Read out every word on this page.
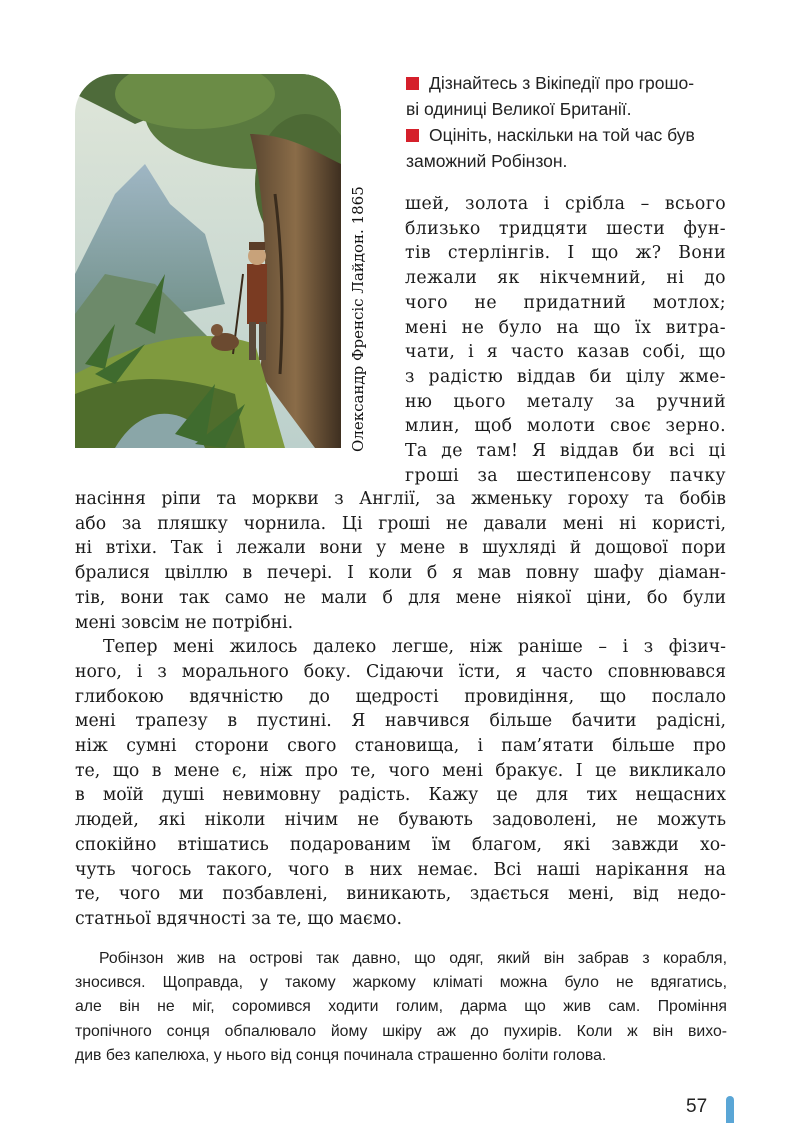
Олександр Френсіс Лайдон. 1865

Дізнайтесь з Вікіпедії про грошо-
ві одиниці Великої Британії.

Оцініть, наскільки на той час був
заможний Робінзон.

шей, золота і срібла – всього
близько тридцяти шести фун-
тів стерлінгів. І що ж? Вони
лежали як нікчемний, ні до
чого не придатний мотлох;
мені не було на що їх витра-
чати, і я часто казав собі, що
з радістю віддав би цілу жме-
ню цього металу за ручний
млин, щоб молоти своє зерно.
Та де там! Я віддав би всі ці
гроші за шестипенсову пачку
насіння ріпи та моркви з Англії, за жменьку гороху та бобів
або за пляшку чорнила. Ці гроші не давали мені ні користі,
ні втіхи. Так і лежали вони у мене в шухляді й дощової пори
бралися цвіллю в печері. І коли б я мав повну шафу діаман-
тів, вони так само не мали б для мене ніякої ціни, бо були
мені зовсім не потрібні.
Тепер мені жилось далеко легше, ніж раніше – і з фізич-
ного, і з морального боку. Сідаючи їсти, я часто сповнювався
глибокою вдячністю до щедрості провидіння, що послало
мені трапезу в пустині. Я навчився більше бачити радісні,
ніж сумні сторони свого становища, і пам’ятати більше про
те, що в мене є, ніж про те, чого мені бракує. І це викликало
в моїй душі невимовну радість. Кажу це для тих нещасних
людей, які ніколи нічим не бувають задоволені, не можуть
спокійно втішатись подарованим їм благом, які завжди хо-
чуть чогось такого, чого в них немає. Всі наші нарікання на
те, чого ми позбавлені, виникають, здається мені, від недо-
статньої вдячності за те, що маємо.
Робінзон жив на острові так давно, що одяг, який він забрав з корабля,
зносився. Щоправда, у такому жаркому кліматі можна було не вдягатись,
але він не міг, соромився ходити голим, дарма що жив сам. Проміння
тропічного сонця обпалювало йому шкіру аж до пухирів. Коли ж він вихо-
див без капелюха, у нього від сонця починала страшенно боліти голова.
57
